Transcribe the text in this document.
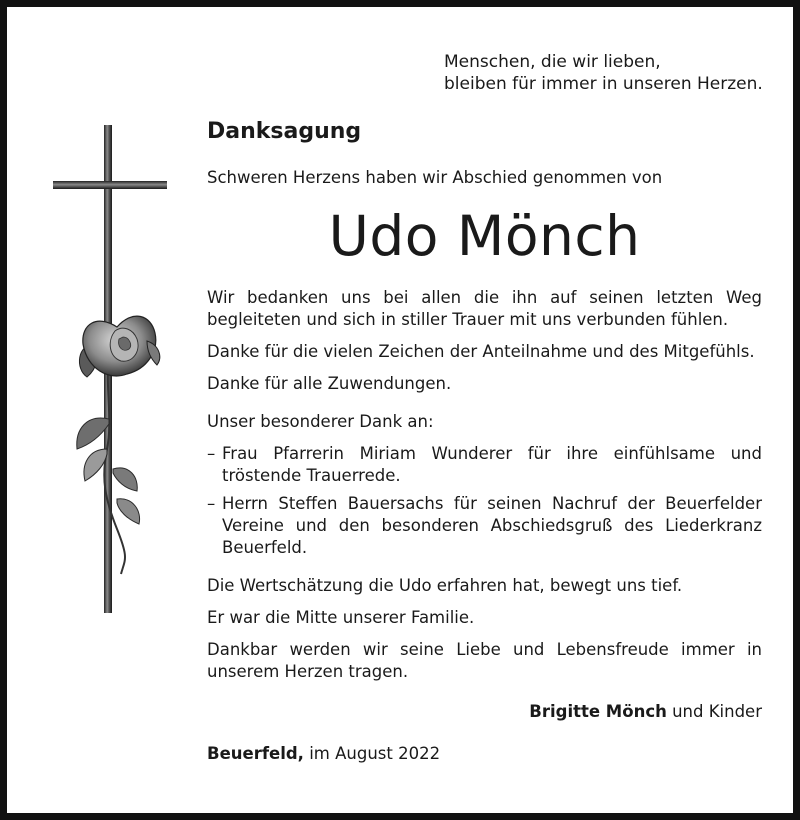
Menschen, die wir lieben,
bleiben für immer in unseren Herzen.
Danksagung

Schweren Herzens haben wir Abschied genommen von

Udo Mönch

Wir bedanken uns bei allen die ihn auf seinen letzten Weg begleiteten und sich in stiller Trauer mit uns verbunden fühlen.

Danke für die vielen Zeichen der Anteilnahme und des Mitgefühls.

Danke für alle Zuwendungen.

Unser besonderer Dank an:

– Frau Pfarrerin Miriam Wunderer für ihre einfühlsame und tröstende Trauerrede.
– Herrn Steffen Bauersachs für seinen Nachruf der Beuerfelder Vereine und den besonderen Abschiedsgruß des Liederkranz Beuerfeld.

Die Wertschätzung die Udo erfahren hat, bewegt uns tief.

Er war die Mitte unserer Familie.

Dankbar werden wir seine Liebe und Lebensfreude immer in unserem Herzen tragen.

Brigitte Mönch und Kinder
Beuerfeld, im August 2022
